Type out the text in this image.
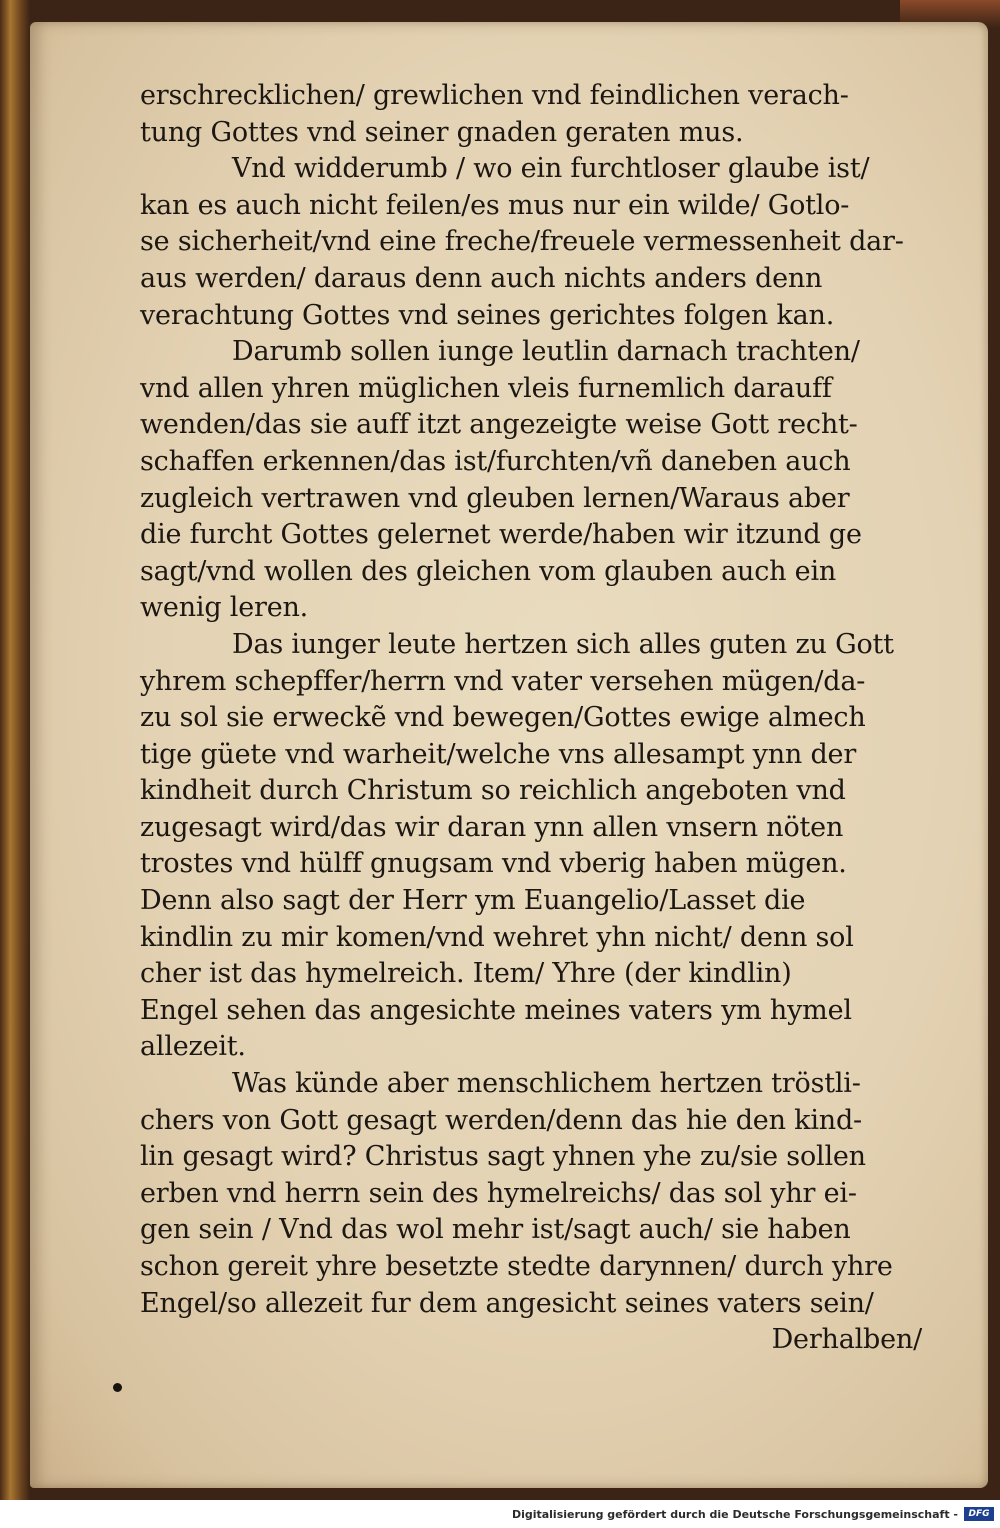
erschrecklichen/ grewlichen vnd feindlichen verach-
tung Gottes vnd seiner gnaden geraten mus.
Vnd widderumb / wo ein furchtloser glaube ist/
kan es auch nicht feilen/es mus nur ein wilde/ Gotlo-
se sicherheit/vnd eine freche/freuele vermessenheit dar-
aus werden/ daraus denn auch nichts anders denn
verachtung Gottes vnd seines gerichtes folgen kan.
Darumb sollen iunge leutlin darnach trachten/
vnd allen yhren müglichen vleis furnemlich darauff
wenden/das sie auff itzt angezeigte weise Gott recht-
schaffen erkennen/das ist/furchten/vñ daneben auch
zugleich vertrawen vnd gleuben lernen/Waraus aber
die furcht Gottes gelernet werde/haben wir itzund ge
sagt/vnd wollen des gleichen vom glauben auch ein
wenig leren.
Das iunger leute hertzen sich alles guten zu Gott
yhrem schepffer/herrn vnd vater versehen mügen/da-
zu sol sie erweckẽ vnd bewegen/Gottes ewige almech
tige güete vnd warheit/welche vns allesampt ynn der
kindheit durch Christum so reichlich angeboten vnd
zugesagt wird/das wir daran ynn allen vnsern nöten
trostes vnd hülff gnugsam vnd vberig haben mügen.
Denn also sagt der Herr ym Euangelio/Lasset die
kindlin zu mir komen/vnd wehret yhn nicht/ denn sol
cher ist das hymelreich. Item/ Yhre (der kindlin)
Engel sehen das angesichte meines vaters ym hymel
allezeit.
Was künde aber menschlichem hertzen tröstli-
chers von Gott gesagt werden/denn das hie den kind-
lin gesagt wird? Christus sagt yhnen yhe zu/sie sollen
erben vnd herrn sein des hymelreichs/ das sol yhr ei-
gen sein / Vnd das wol mehr ist/sagt auch/ sie haben
schon gereit yhre besetzte stedte darynnen/ durch yhre
Engel/so allezeit fur dem angesicht seines vaters sein/
Derhalben/
Digitalisierung gefördert durch die Deutsche Forschungsgemeinschaft -	DFG
